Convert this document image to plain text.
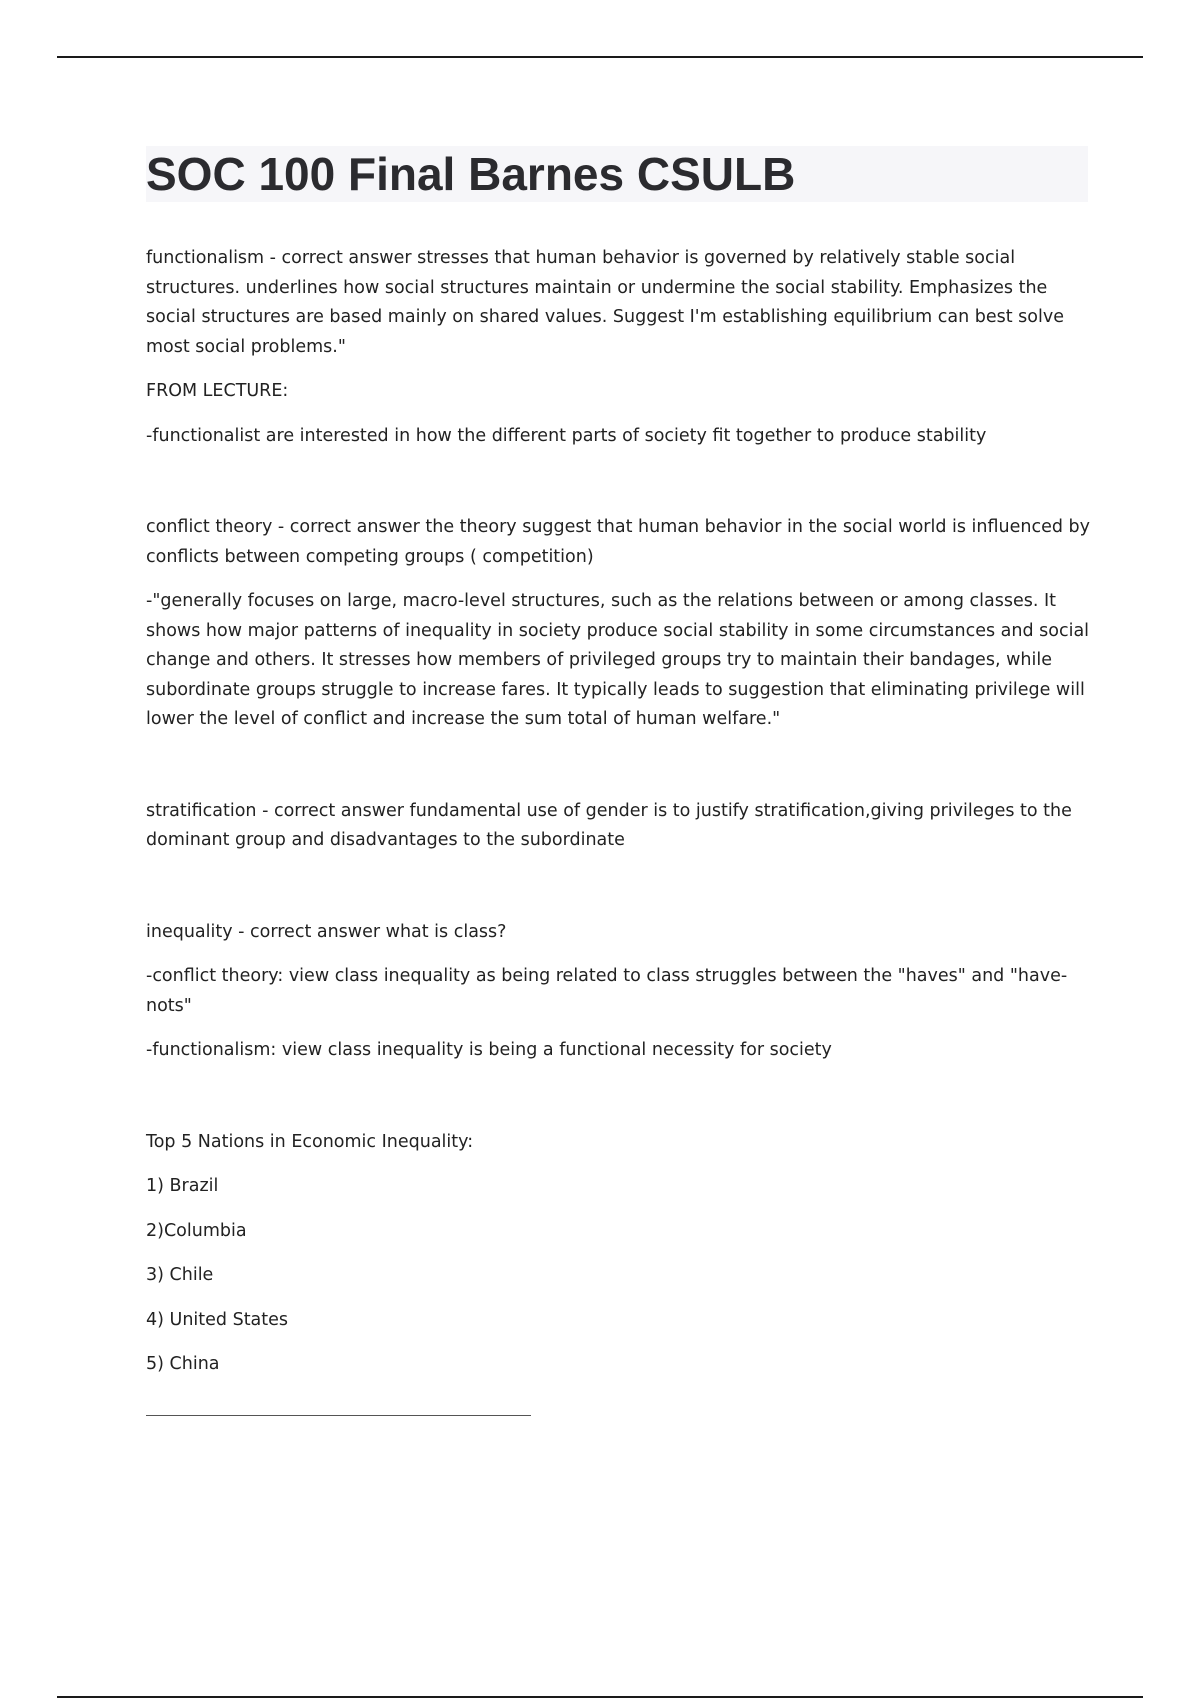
SOC 100 Final Barnes CSULB

functionalism - correct answer stresses that human behavior is governed by relatively stable social structures. underlines how social structures maintain or undermine the social stability. Emphasizes the social structures are based mainly on shared values. Suggest I'm establishing equilibrium can best solve most social problems."

FROM LECTURE:

-functionalist are interested in how the different parts of society fit together to produce stability

conflict theory - correct answer the theory suggest that human behavior in the social world is influenced by conflicts between competing groups ( competition)

-"generally focuses on large, macro-level structures, such as the relations between or among classes. It shows how major patterns of inequality in society produce social stability in some circumstances and social change and others. It stresses how members of privileged groups try to maintain their bandages, while subordinate groups struggle to increase fares. It typically leads to suggestion that eliminating privilege will lower the level of conflict and increase the sum total of human welfare."

stratification - correct answer fundamental use of gender is to justify stratification,giving privileges to the dominant group and disadvantages to the subordinate

inequality - correct answer what is class?

-conflict theory: view class inequality as being related to class struggles between the "haves" and "have-nots"

-functionalism: view class inequality is being a functional necessity for society

Top 5 Nations in Economic Inequality:

1) Brazil

2)Columbia

3) Chile

4) United States

5) China
